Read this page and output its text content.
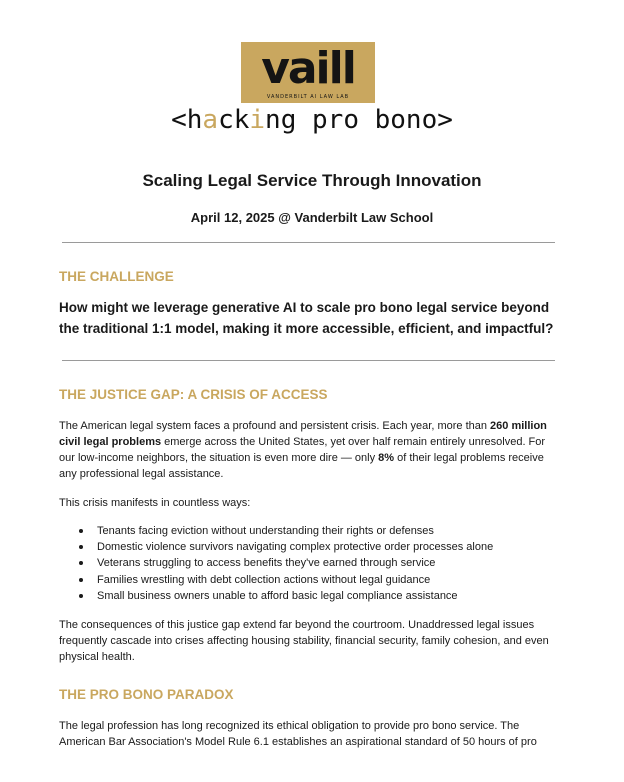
vaill
VANDERBILT AI LAW LAB
<hacking pro bono>
Scaling Legal Service Through Innovation
April 12, 2025 @ Vanderbilt Law School
THE CHALLENGE

How might we leverage generative AI to scale pro bono legal service beyond the traditional 1:1 model, making it more accessible, efficient, and impactful?

THE JUSTICE GAP: A CRISIS OF ACCESS

The American legal system faces a profound and persistent crisis. Each year, more than 260 million civil legal problems emerge across the United States, yet over half remain entirely unresolved. For our low-income neighbors, the situation is even more dire — only 8% of their legal problems receive any professional legal assistance.

This crisis manifests in countless ways:

Tenants facing eviction without understanding their rights or defenses
Domestic violence survivors navigating complex protective order processes alone
Veterans struggling to access benefits they've earned through service
Families wrestling with debt collection actions without legal guidance
Small business owners unable to afford basic legal compliance assistance

The consequences of this justice gap extend far beyond the courtroom. Unaddressed legal issues frequently cascade into crises affecting housing stability, financial security, family cohesion, and even physical health.

THE PRO BONO PARADOX

The legal profession has long recognized its ethical obligation to provide pro bono service. The American Bar Association's Model Rule 6.1 establishes an aspirational standard of 50 hours of pro
